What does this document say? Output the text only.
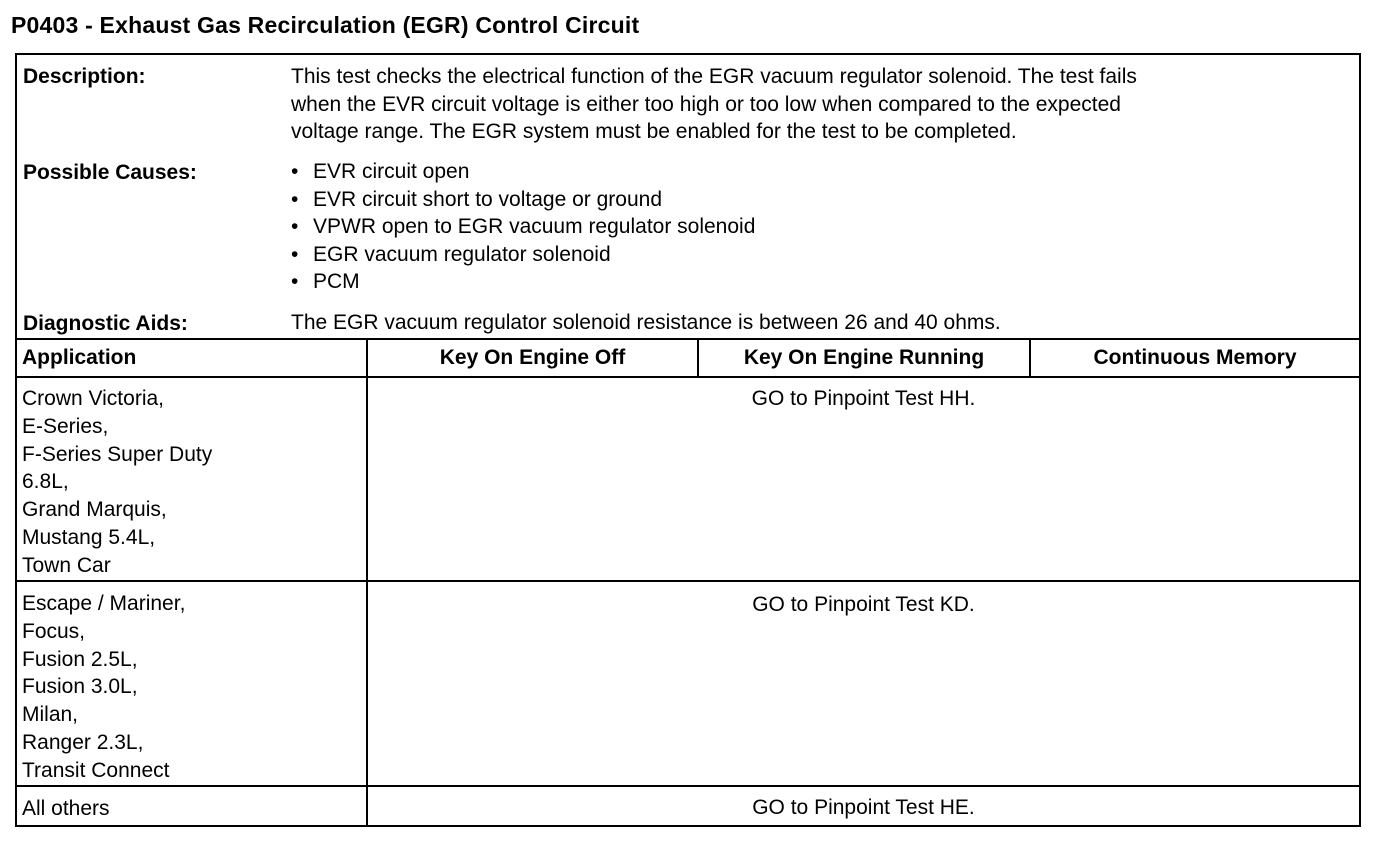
P0403 - Exhaust Gas Recirculation (EGR) Control Circuit
Description:	This test checks the electrical function of the EGR vacuum regulator solenoid. The test fails
when the EVR circuit voltage is either too high or too low when compared to the expected
voltage range. The EGR system must be enabled for the test to be completed.
Possible Causes:
•	EVR circuit open
• EVR circuit short to voltage or ground
• VPWR open to EGR vacuum regulator solenoid
• EGR vacuum regulator solenoid
• PCM
Diagnostic Aids:	The EGR vacuum regulator solenoid resistance is between 26 and 40 ohms.
Application	Key On Engine Off	Key On Engine Running	Continuous Memory
Crown Victoria,
E-Series,
F-Series Super Duty
6.8L,
Grand Marquis,
Mustang 5.4L,
Town Car
GO to Pinpoint Test HH.
Escape / Mariner,
Focus,
Fusion 2.5L,
Fusion 3.0L,
Milan,
Ranger 2.3L,
Transit Connect
GO to Pinpoint Test KD.
All others	GO to Pinpoint Test HE.
